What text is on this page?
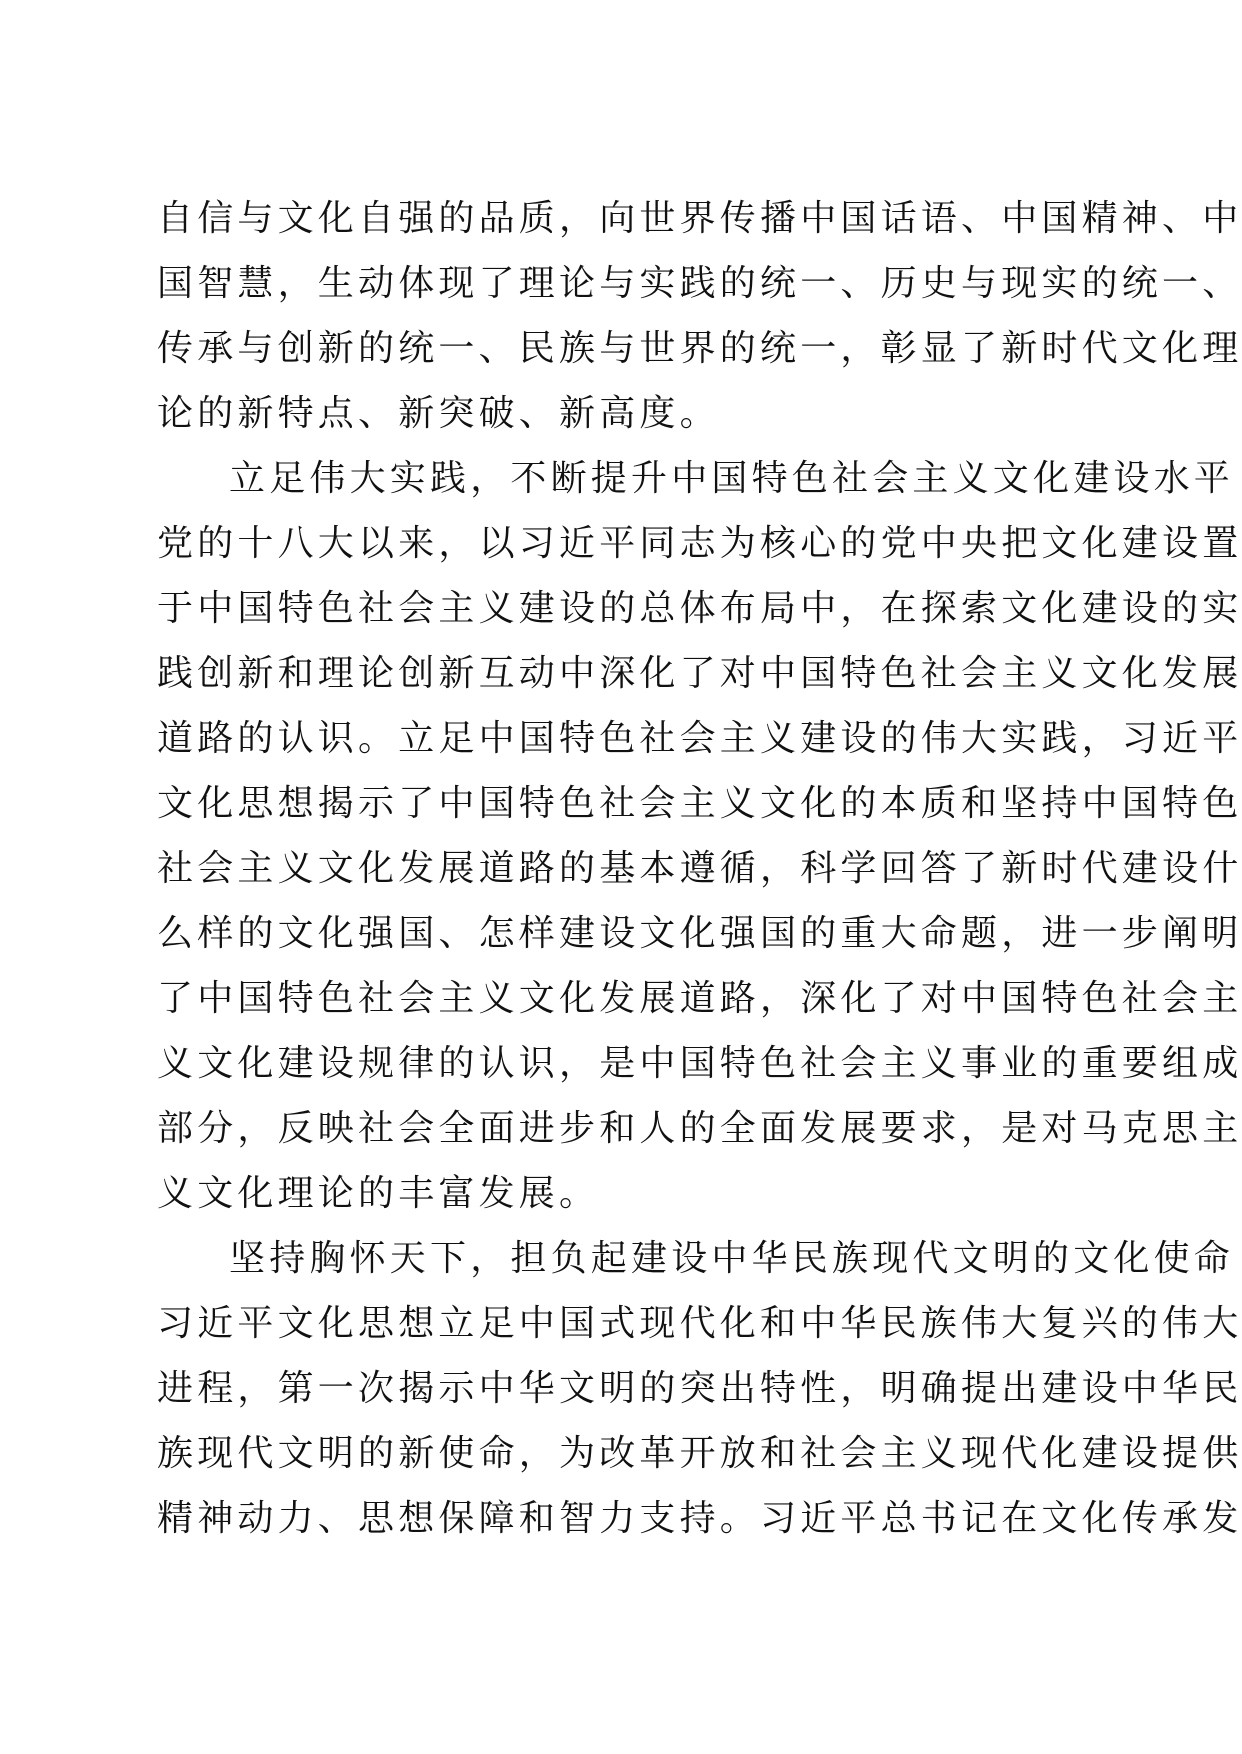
自信与文化自强的品质，向世界传播中国话语、中国精神、中
国智慧，生动体现了理论与实践的统一、历史与现实的统一、
传承与创新的统一、民族与世界的统一，彰显了新时代文化理
论的新特点、新突破、新高度。
立足伟大实践，不断提升中国特色社会主义文化建设水平
党的十八大以来，以习近平同志为核心的党中央把文化建设置
于中国特色社会主义建设的总体布局中，在探索文化建设的实
践创新和理论创新互动中深化了对中国特色社会主义文化发展
道路的认识。立足中国特色社会主义建设的伟大实践，习近平
文化思想揭示了中国特色社会主义文化的本质和坚持中国特色
社会主义文化发展道路的基本遵循，科学回答了新时代建设什
么样的文化强国、怎样建设文化强国的重大命题，进一步阐明
了中国特色社会主义文化发展道路，深化了对中国特色社会主
义文化建设规律的认识，是中国特色社会主义事业的重要组成
部分，反映社会全面进步和人的全面发展要求，是对马克思主
义文化理论的丰富发展。
坚持胸怀天下，担负起建设中华民族现代文明的文化使命
习近平文化思想立足中国式现代化和中华民族伟大复兴的伟大
进程，第一次揭示中华文明的突出特性，明确提出建设中华民
族现代文明的新使命，为改革开放和社会主义现代化建设提供
精神动力、思想保障和智力支持。习近平总书记在文化传承发
